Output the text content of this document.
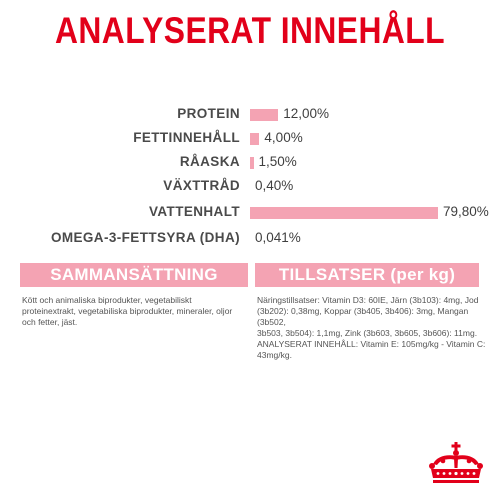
ANALYSERAT INNEHÅLL
PROTEIN	12,00%
FETTINNEHÅLL 4,00%
RÅASKA 1,50%
VÄXTTRÅD 0,40%
VATTENHALT	79,80%
OMEGA-3-FETTSYRA (DHA) 0,041%
SAMMANSÄTTNING
Kött och animaliska biprodukter, vegetabiliskt
proteinextrakt, vegetabiliska biprodukter, mineraler, oljor
och fetter, jäst.
TILLSATSER (per kg)
Näringstillsatser: Vitamin D3: 60IE, Järn (3b103): 4mg, Jod
(3b202): 0,38mg, Koppar (3b405, 3b406): 3mg, Mangan (3b502,
3b503, 3b504): 1,1mg, Zink (3b603, 3b605, 3b606): 11mg.
ANALYSERAT INNEHÅLL: Vitamin E: 105mg/kg - Vitamin C:
43mg/kg.
